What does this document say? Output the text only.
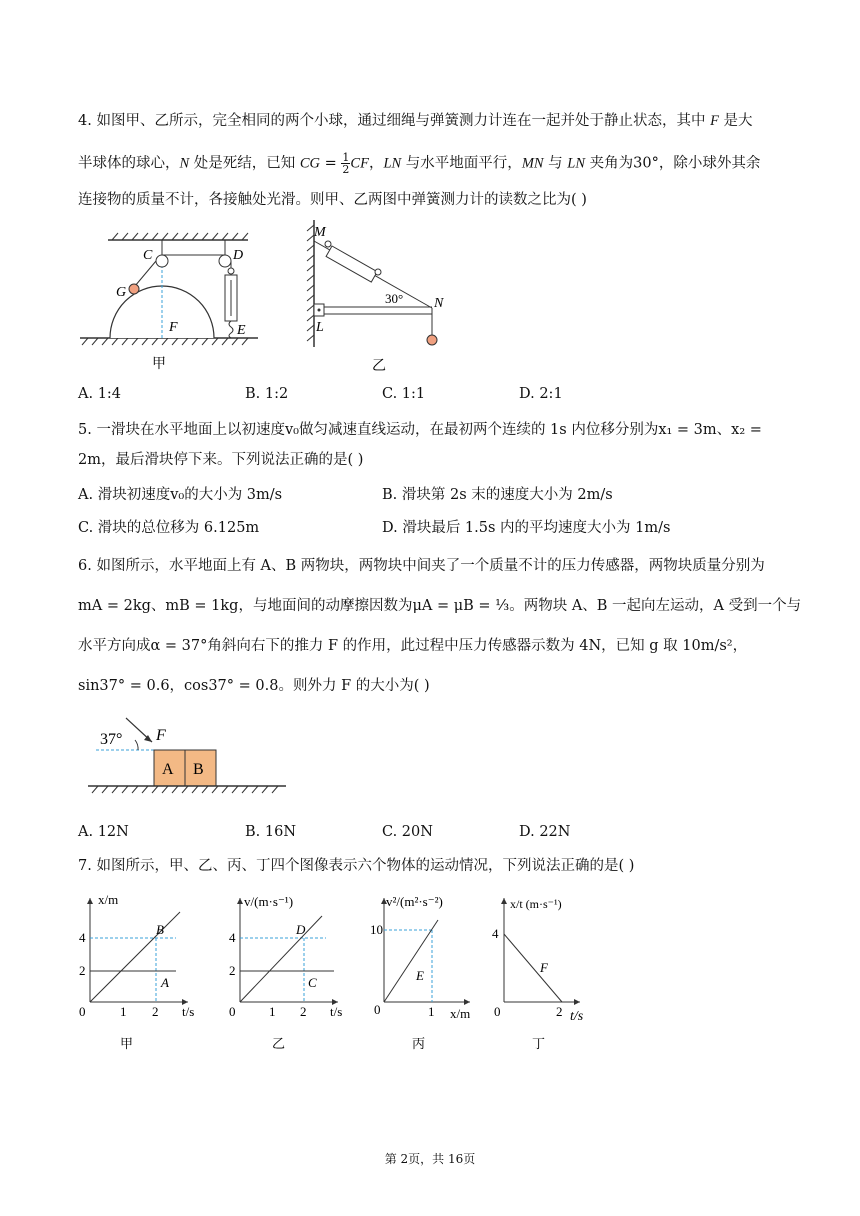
4. 如图甲、乙所示，完全相同的两个小球，通过细绳与弹簧测力计连在一起并处于静止状态，其中 F 是大
半球体的球心，N 处是死结，已知 CG = $\frac{1}{2}$ CF，LN 与水平地面平行，MN 与 LN 夹角为30°，除小球外其余
连接物的质量不计，各接触处光滑。则甲、乙两图中弹簧测力计的读数之比为( )
C	D
G
F	E
甲
M
30° N
L
乙
A. 1:4	B. 1:2	C. 1:1	D. 2:1
5. 一滑块在水平地面上以初速度v₀做匀减速直线运动，在最初两个连续的 1s 内位移分别为x₁ = 3m、x₂ =
2m，最后滑块停下来。下列说法正确的是( )
A. 滑块初速度v₀的大小为 3m/s	B. 滑块第 2s 末的速度大小为 2m/s
C. 滑块的总位移为 6.125m	D. 滑块最后 1.5s 内的平均速度大小为 1m/s
6. 如图所示，水平地面上有 A、B 两物块，两物块中间夹了一个质量不计的压力传感器，两物块质量分别为
mA = 2kg、mB = 1kg，与地面间的动摩擦因数为μA = μB = ⅓。两物块 A、B 一起向左运动，A 受到一个与
水平方向成α = 37°角斜向右下的推力 F 的作用，此过程中压力传感器示数为 4N，已知 g 取 10m/s²，
sin37° = 0.6，cos37° = 0.8。则外力 F 的大小为( )
37° F
A B
A. 12N	B. 16N	C. 20N	D. 22N
7. 如图所示，甲、乙、丙、丁四个图像表示六个物体的运动情况，下列说法正确的是( )
x/m
t/s
4
2
0	1 2
B
A
甲
v/(m·s⁻¹)
t/s
4
2
0	1 2
D
C
乙
v²/(m²·s⁻²)
x/m
10
0	1
E
丙
x/t (m·s⁻¹)
t/s
4
0	2
F
丁
第 2页，共 16页
